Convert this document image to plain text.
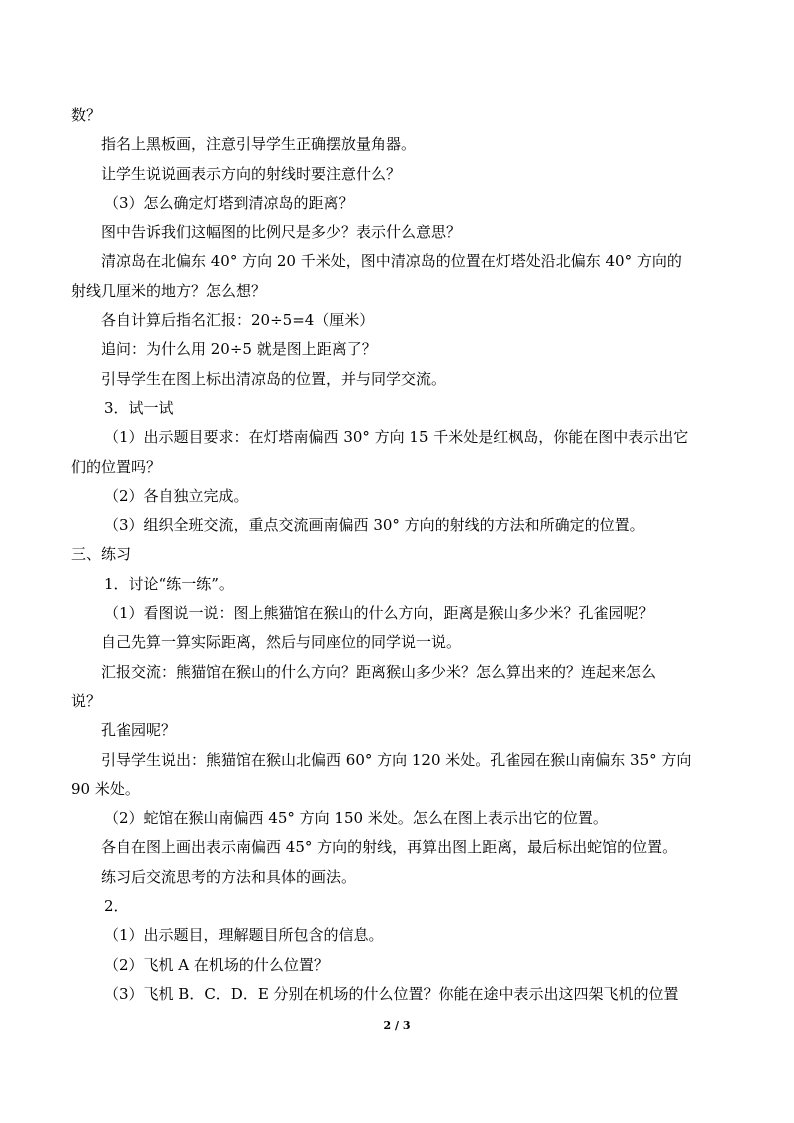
数？
指名上黑板画，注意引导学生正确摆放量角器。
让学生说说画表示方向的射线时要注意什么？
（3）怎么确定灯塔到清凉岛的距离？
图中告诉我们这幅图的比例尺是多少？表示什么意思？
清凉岛在北偏东 40° 方向 20 千米处，图中清凉岛的位置在灯塔处沿北偏东 40° 方向的
射线几厘米的地方？怎么想？
各自计算后指名汇报：20÷5=4（厘米）
追问：为什么用 20÷5 就是图上距离了？
引导学生在图上标出清凉岛的位置，并与同学交流。
3．试一试
（1）出示题目要求：在灯塔南偏西 30° 方向 15 千米处是红枫岛，你能在图中表示出它
们的位置吗？
（2）各自独立完成。
（3）组织全班交流，重点交流画南偏西 30° 方向的射线的方法和所确定的位置。
三、练习
1．讨论“练一练”。
（1）看图说一说：图上熊猫馆在猴山的什么方向，距离是猴山多少米？孔雀园呢？
自己先算一算实际距离，然后与同座位的同学说一说。
汇报交流：熊猫馆在猴山的什么方向？距离猴山多少米？怎么算出来的？连起来怎么
说？
孔雀园呢？
引导学生说出：熊猫馆在猴山北偏西 60° 方向 120 米处。孔雀园在猴山南偏东 35° 方向
90 米处。
（2）蛇馆在猴山南偏西 45° 方向 150 米处。怎么在图上表示出它的位置。
各自在图上画出表示南偏西 45° 方向的射线，再算出图上距离，最后标出蛇馆的位置。
练习后交流思考的方法和具体的画法。
2．
（1）出示题目，理解题目所包含的信息。
（2）飞机 A 在机场的什么位置？
（3）飞机 B．C．D．E 分别在机场的什么位置？你能在途中表示出这四架飞机的位置
2 / 3
